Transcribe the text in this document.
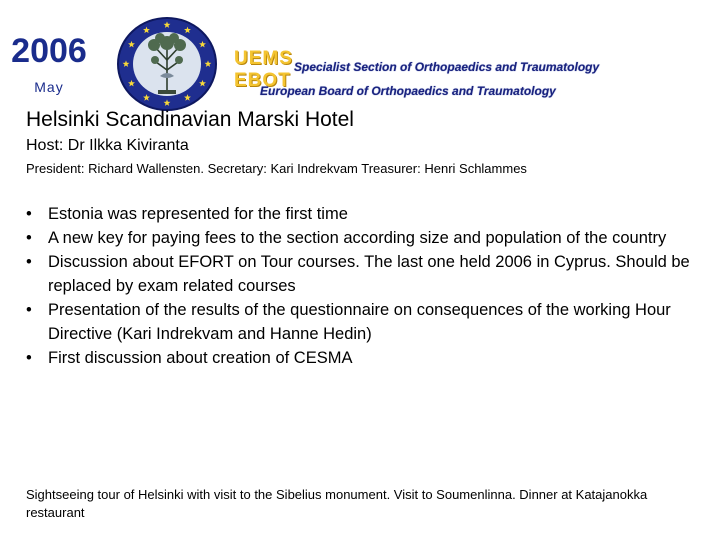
2006
May
UEMS Specialist Section of Orthopaedics and Traumatology
EBOT
European Board of Orthopaedics and Traumatology
Helsinki Scandinavian Marski Hotel
Host: Dr Ilkka Kiviranta
President: Richard Wallensten. Secretary: Kari Indrekvam Treasurer: Henri Schlammes
• Estonia was represented for the first time
• A new key for paying fees to the section according size and population of the country
• Discussion about EFORT on Tour courses. The last one held 2006 in Cyprus. Should be replaced by exam related courses
• Presentation of the results of the questionnaire on consequences of the working Hour Directive (Kari Indrekvam and Hanne Hedin)
• First discussion about creation of CESMA
Sightseeing tour of Helsinki with visit to the Sibelius monument. Visit to Soumenlinna. Dinner at Katajanokka restaurant
